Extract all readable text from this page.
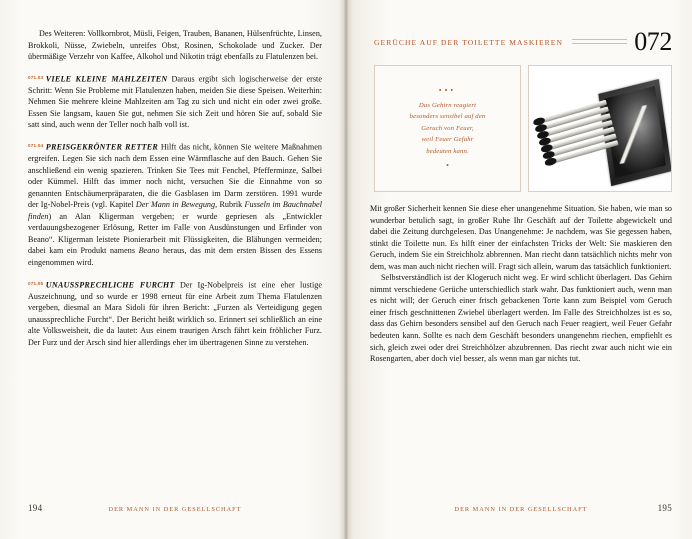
Des Weiteren: Vollkornbrot, Müsli, Feigen, Trauben, Bananen, Hülsenfrüchte, Linsen, Brokkoli, Nüsse, Zwiebeln, unreifes Obst, Rosinen, Schokolade und Zucker. Der übermäßige Verzehr von Kaffee, Alkohol und Nikotin trägt ebenfalls zu Flatulenzen bei.

$^{071.03}$ VIELE KLEINE MAHLZEITEN Daraus ergibt sich logischerweise der erste Schritt: Wenn Sie Probleme mit Flatulenzen haben, meiden Sie diese Speisen. Weiterhin: Nehmen Sie mehrere kleine Mahlzeiten am Tag zu sich und nicht ein oder zwei große. Essen Sie langsam, kauen Sie gut, nehmen Sie sich Zeit und hören Sie auf, sobald Sie satt sind, auch wenn der Teller noch halb voll ist.

$^{071.04}$ PREISGEKRÖNTER RETTER Hilft das nicht, können Sie weitere Maßnahmen ergreifen. Legen Sie sich nach dem Essen eine Wärmflasche auf den Bauch. Gehen Sie anschließend ein wenig spazieren. Trinken Sie Tees mit Fenchel, Pfefferminze, Salbei oder Kümmel. Hilft das immer noch nicht, versuchen Sie die Einnahme von so genannten Entschäumerpräparaten, die die Gasblasen im Darm zerstören. 1991 wurde der Ig-Nobel-Preis (vgl. Kapitel Der Mann in Bewegung, Rubrik Fusseln im Bauchnabel finden) an Alan Kligerman vergeben; er wurde gepriesen als „Entwickler verdauungsbezogener Erlösung, Retter im Falle von Ausdünstungen und Erfinder von Beano“. Kligerman leistete Pionierarbeit mit Flüssigkeiten, die Blähungen vermeiden; dabei kam ein Produkt namens Beano heraus, das mit dem ersten Bissen des Essens eingenommen wird.

$^{071.05}$ UNAUSSPRECHLICHE FURCHT Der Ig-Nobelpreis ist eine eher lustige Auszeichnung, und so wurde er 1998 erneut für eine Arbeit zum Thema Flatulenzen vergeben, diesmal an Mara Sidoli für ihren Bericht: „Furzen als Verteidigung gegen unaussprechliche Furcht“. Der Bericht heißt wirklich so. Erinnert sei schließlich an eine alte Volksweisheit, die da lautet: Aus einem traurigen Arsch fährt kein fröhlicher Furz. Der Furz und der Arsch sind hier allerdings eher im übertragenen Sinne zu verstehen.

194	DER MANN IN DER GESELLSCHAFT
GERÜCHE AUF DER TOILETTE MASKIEREN	072
•••
Das Gehirn reagiert
besonders sensibel auf den
Geruch von Feuer,
weil Feuer Gefahr
bedeuten kann.
•

Mit großer Sicherheit kennen Sie diese eher unangenehme Situation. Sie haben, wie man so wunderbar betulich sagt, in großer Ruhe Ihr Geschäft auf der Toilette abgewickelt und dabei die Zeitung durchgelesen. Das Unangenehme: Je nachdem, was Sie gegessen haben, stinkt die Toilette nun. Es hilft einer der einfachsten Tricks der Welt: Sie maskieren den Geruch, indem Sie ein Streichholz abbrennen. Man riecht dann tatsächlich nichts mehr von dem, was man auch nicht riechen will. Fragt sich allein, warum das tatsächlich funktioniert.

Selbstverständlich ist der Klogeruch nicht weg. Er wird schlicht überlagert. Das Gehirn nimmt verschiedene Gerüche unterschiedlich stark wahr. Das funktioniert auch, wenn man es nicht will; der Geruch einer frisch gebackenen Torte kann zum Beispiel vom Geruch einer frisch geschnittenen Zwiebel überlagert werden. Im Falle des Streichholzes ist es so, dass das Gehirn besonders sensibel auf den Geruch nach Feuer reagiert, weil Feuer Gefahr bedeuten kann. Sollte es nach dem Geschäft besonders unangenehm riechen, empfiehlt es sich, gleich zwei oder drei Streichhölzer abzubrennen. Das riecht zwar auch nicht wie ein Rosengarten, aber doch viel besser, als wenn man gar nichts tut.

DER MANN IN DER GESELLSCHAFT	195
